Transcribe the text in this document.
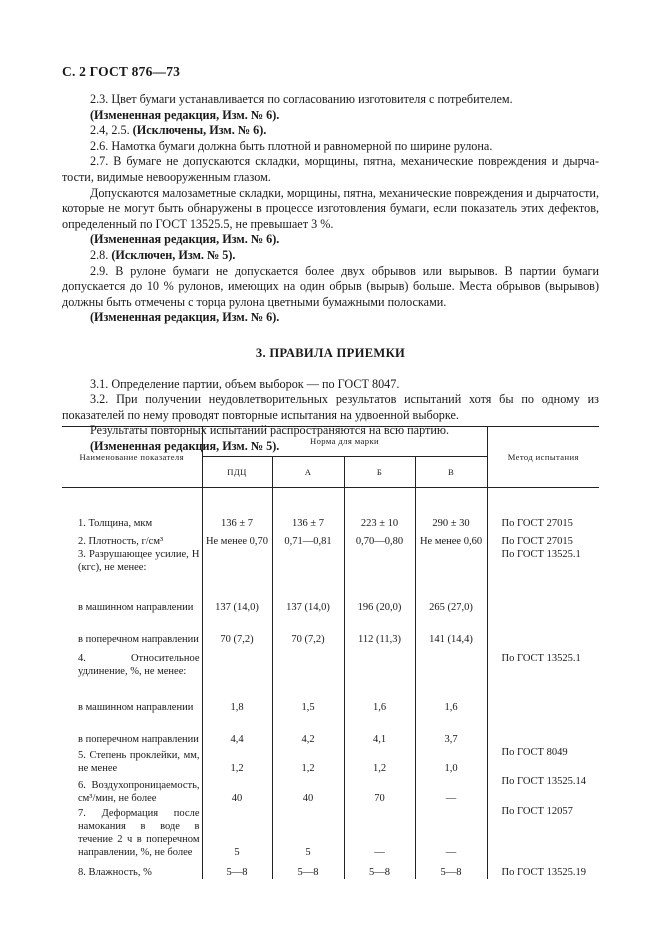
С. 2 ГОСТ 876—73

2.3. Цвет бумаги устанавливается по согласованию изготовителя с потребителем.

(Измененная редакция, Изм. № 6).

2.4, 2.5. (Исключены, Изм. № 6).

2.6. Намотка бумаги должна быть плотной и равномерной по ширине рулона.

2.7. В бумаге не допускаются складки, морщины, пятна, механические повреждения и дырча-тости, видимые невооруженным глазом.

Допускаются малозаметные складки, морщины, пятна, механические повреждения и дырчатости, которые не могут быть обнаружены в процессе изготовления бумаги, если показатель этих дефектов, определенный по ГОСТ 13525.5, не превышает 3 %.

(Измененная редакция, Изм. № 6).

2.8. (Исключен, Изм. № 5).

2.9. В рулоне бумаги не допускается более двух обрывов или вырывов. В партии бумаги допускается до 10 % рулонов, имеющих на один обрыв (вырыв) больше. Места обрывов (вырывов) должны быть отмечены с торца рулона цветными бумажными полосками.

(Измененная редакция, Изм. № 6).

3. ПРАВИЛА ПРИЕМКИ

3.1. Определение партии, объем выборок — по ГОСТ 8047.

3.2. При получении неудовлетворительных результатов испытаний хотя бы по одному из показателей по нему проводят повторные испытания на удвоенной выборке.

Результаты повторных испытаний распространяются на всю партию.

(Измененная редакция, Изм. № 5).

Наименование показателя	Норма для марки				Метод испытания
	ПДЦ	А	Б	В	

1. Толщина, мкм	136 ± 7	136 ± 7	223 ± 10	290 ± 30	По ГОСТ 27015
2. Плотность, г/см³	Не менее 0,70	0,71—0,81	0,70—0,80	Не менее 0,60	По ГОСТ 27015
3. Разрушающее усилие, Н (кгс), не менее:					По ГОСТ 13525.1
в машинном направлении	137 (14,0)	137 (14,0)	196 (20,0)	265 (27,0)	
в поперечном направлении	70 (7,2)	70 (7,2)	112 (11,3)	141 (14,4)	
4. Относительное удлинение, %, не менее:					По ГОСТ 13525.1
в машинном направлении	1,8	1,5	1,6	1,6	
в поперечном направлении	4,4	4,2	4,1	3,7	
5. Степень проклейки, мм, не менее	1,2	1,2	1,2	1,0	По ГОСТ 8049
6. Воздухопроницаемость, см³/мин, не более	40	40	70	—	По ГОСТ 13525.14
7. Деформация после намокания в воде в течение 2 ч в поперечном направлении, %, не более	5	5	—	—	По ГОСТ 12057
8. Влажность, %	5—8	5—8	5—8	5—8	По ГОСТ 13525.19
